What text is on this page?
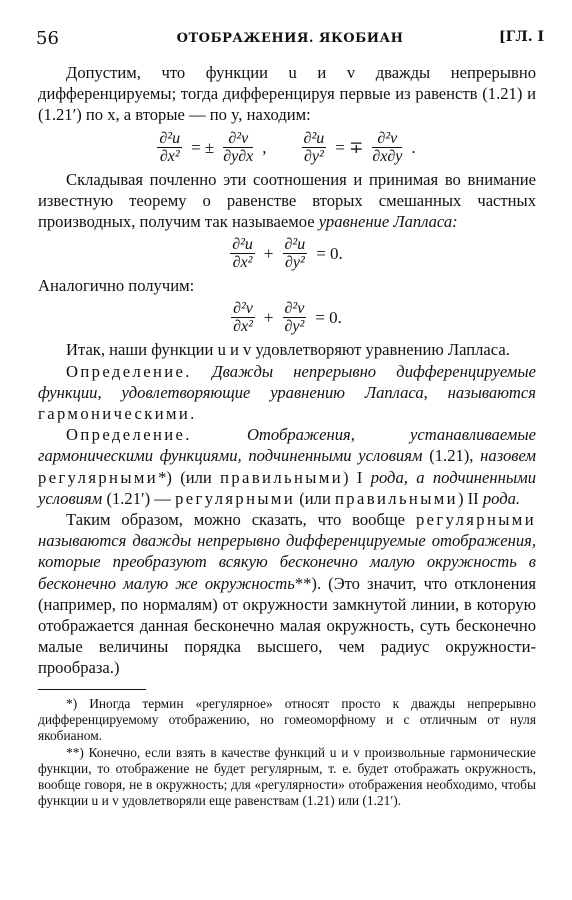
56	ОТОБРАЖЕНИЯ. ЯКОБИАН	[ГЛ. I

Допустим, что функции u и v дважды непрерывно дифференцируемы; тогда дифференцируя первые из равенств (1.21) и (1.21′) по x, а вторые — по y, находим:

$\frac{\text{∂²u}}{\text{∂x²}}$ = ± $\frac{\text{∂²v}}{\partial y\partial x}$ , $\frac{\text{∂²u}}{\text{∂y²}}$ = ∓ $\frac{\text{∂²v}}{\partial x\partial y}$ .

Складывая почленно эти соотношения и принимая во внимание известную теорему о равенстве вторых смешанных частных производных, получим так называемое уравнение Лапласа:

$\frac{\text{∂²u}}{\text{∂x²}} + \frac{\text{∂²u}}{\text{∂y²}} = 0$.

Аналогично получим:

$\frac{\text{∂²v}}{\text{∂x²}} + \frac{\text{∂²v}}{\text{∂y²}} = 0$.

Итак, наши функции u и v удовлетворяют уравнению Лапласа.

Определение. Дважды непрерывно дифференцируемые функции, удовлетворяющие уравнению Лапласа, называются гармоническими.

Определение.	Отображения, устанавливаемые гармоническими функциями, подчиненными условиям (1.21), назовем регулярными*) (или правильными) I рода, а подчиненными условиям (1.21′) — регулярными (или правильными) II рода.

Таким образом, можно сказать, что вообще регулярными называются дважды непрерывно дифференцируемые отображения, которые преобразуют всякую бесконечно малую окружность в бесконечно малую же окружность**). (Это значит, что отклонения (например, по нормалям) от окружности замкнутой линии, в которую отображается данная бесконечно малая окружность, суть бесконечно малые величины порядка высшего, чем радиус окружности-прообраза.)

*) Иногда термин «регулярное» относят просто к дважды непрерывно дифференцируемому отображению, но гомеоморфному и с отличным от нуля якобианом.

**) Конечно, если взять в качестве функций u и v произвольные гармонические функции, то отображение не будет регулярным, т. е. будет отображать окружность, вообще говоря, не в окружность; для «регулярности» отображения необходимо, чтобы функции u и v удовлетворяли еще равенствам (1.21) или (1.21′).
